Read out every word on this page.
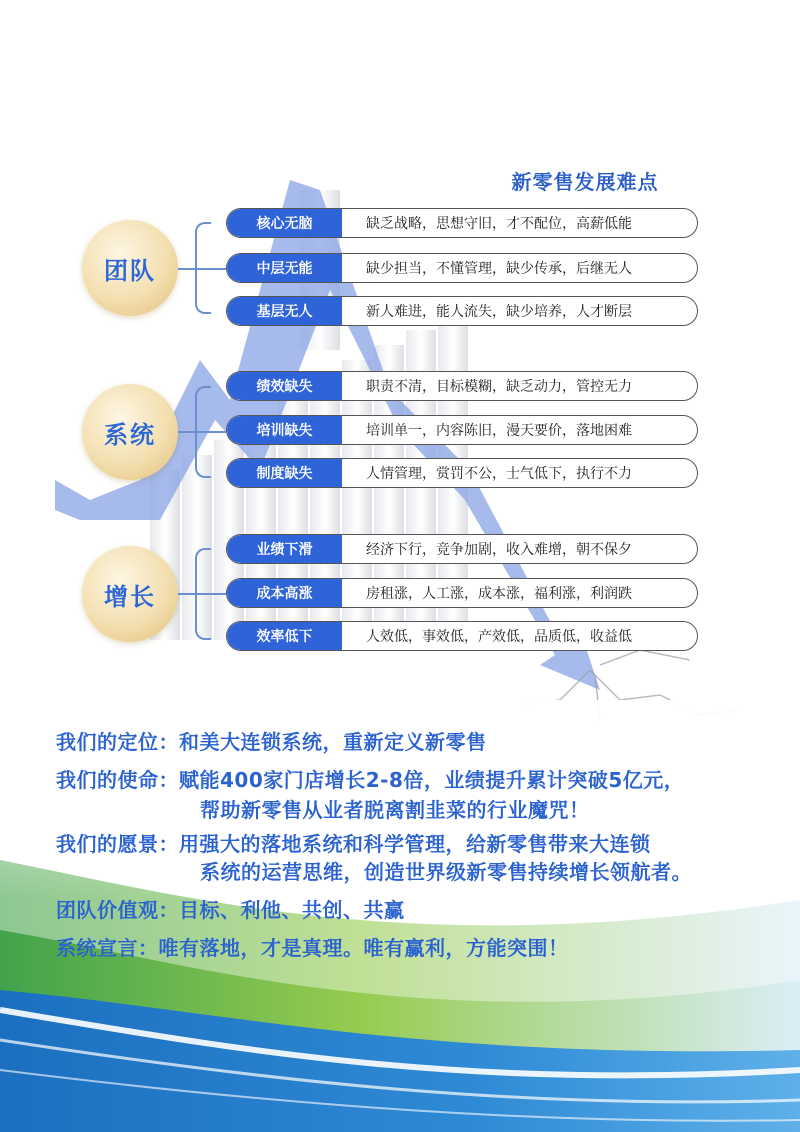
新零售发展难点
团队
核心无脑	缺乏战略，思想守旧，才不配位，高薪低能
中层无能	缺少担当，不懂管理，缺少传承，后继无人
基层无人	新人难进，能人流失，缺少培养，人才断层
系统
绩效缺失	职责不清，目标模糊，缺乏动力，管控无力
培训缺失	培训单一，内容陈旧，漫天要价，落地困难
制度缺失	人情管理，赏罚不公，士气低下，执行不力
增长
业绩下滑	经济下行，竞争加剧，收入难增，朝不保夕
成本高涨	房租涨，人工涨，成本涨，福利涨，利润跌
效率低下	人效低，事效低，产效低，品质低，收益低
我们的定位：和美大连锁系统，重新定义新零售
我们的使命：赋能400家门店增长2-8倍，业绩提升累计突破5亿元，
帮助新零售从业者脱离割韭菜的行业魔咒！
我们的愿景：用强大的落地系统和科学管理，给新零售带来大连锁
系统的运营思维，创造世界级新零售持续增长领航者。
团队价值观：目标、利他、共创、共赢
系统宣言：唯有落地，才是真理。唯有赢利，方能突围！
